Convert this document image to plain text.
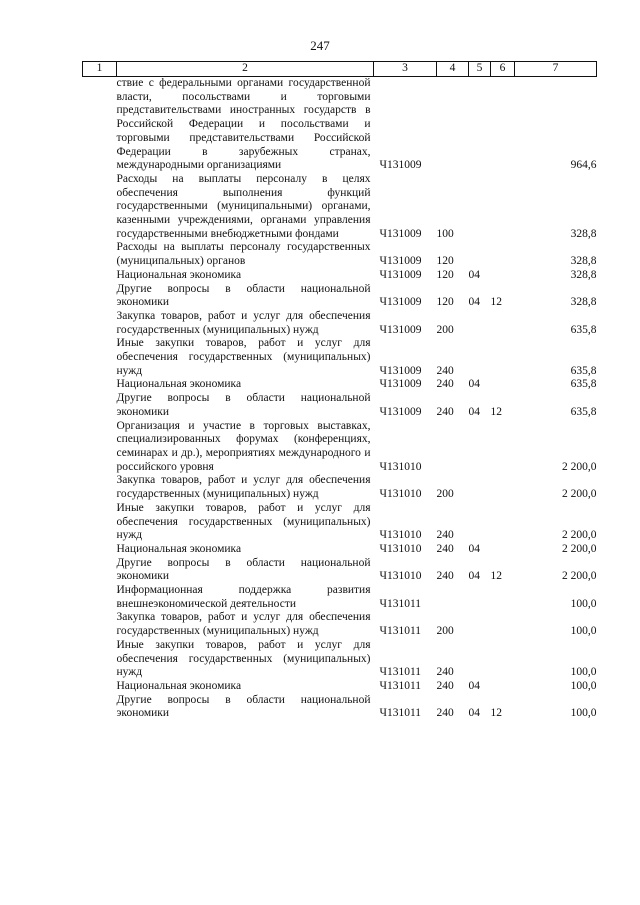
247
1	2	3	4	5	6	7
	ствие с федеральными органами государственной власти, посольствами и торговыми представительствами иностранных государств в Российской Федерации и посольствами и торговыми представительствами Российской Федерации в зарубежных странах, международными организациями	Ч131009				964,6
	Расходы на выплаты персоналу в целях обеспечения выполнения функций государственными (муниципальными) органами, казенными учреждениями, органами управления государственными внебюджетными фондами	Ч131009	100			328,8
	Расходы на выплаты персоналу государственных (муниципальных) органов	Ч131009	120			328,8
	Национальная экономика	Ч131009	120	04		328,8
	Другие вопросы в области национальной экономики	Ч131009	120	04	12	328,8
	Закупка товаров, работ и услуг для обеспечения государственных (муниципальных) нужд	Ч131009	200			635,8
	Иные закупки товаров, работ и услуг для обеспечения государственных (муниципальных) нужд	Ч131009	240			635,8
	Национальная экономика	Ч131009	240	04		635,8
	Другие вопросы в области национальной экономики	Ч131009	240	04	12	635,8
	Организация и участие в торговых выставках, специализированных форумах (конференциях, семинарах и др.), мероприятиях международного и российского уровня	Ч131010				2 200,0
	Закупка товаров, работ и услуг для обеспечения государственных (муниципальных) нужд	Ч131010	200			2 200,0
	Иные закупки товаров, работ и услуг для обеспечения государственных (муниципальных) нужд	Ч131010	240			2 200,0
	Национальная экономика	Ч131010	240	04		2 200,0
	Другие вопросы в области национальной экономики	Ч131010	240	04	12	2 200,0
	Информационная поддержка развития внешнеэкономической деятельности	Ч131011				100,0
	Закупка товаров, работ и услуг для обеспечения государственных (муниципальных) нужд	Ч131011	200			100,0
	Иные закупки товаров, работ и услуг для обеспечения государственных (муниципальных) нужд	Ч131011	240			100,0
	Национальная экономика	Ч131011	240	04		100,0
	Другие вопросы в области национальной экономики	Ч131011	240	04	12	100,0
